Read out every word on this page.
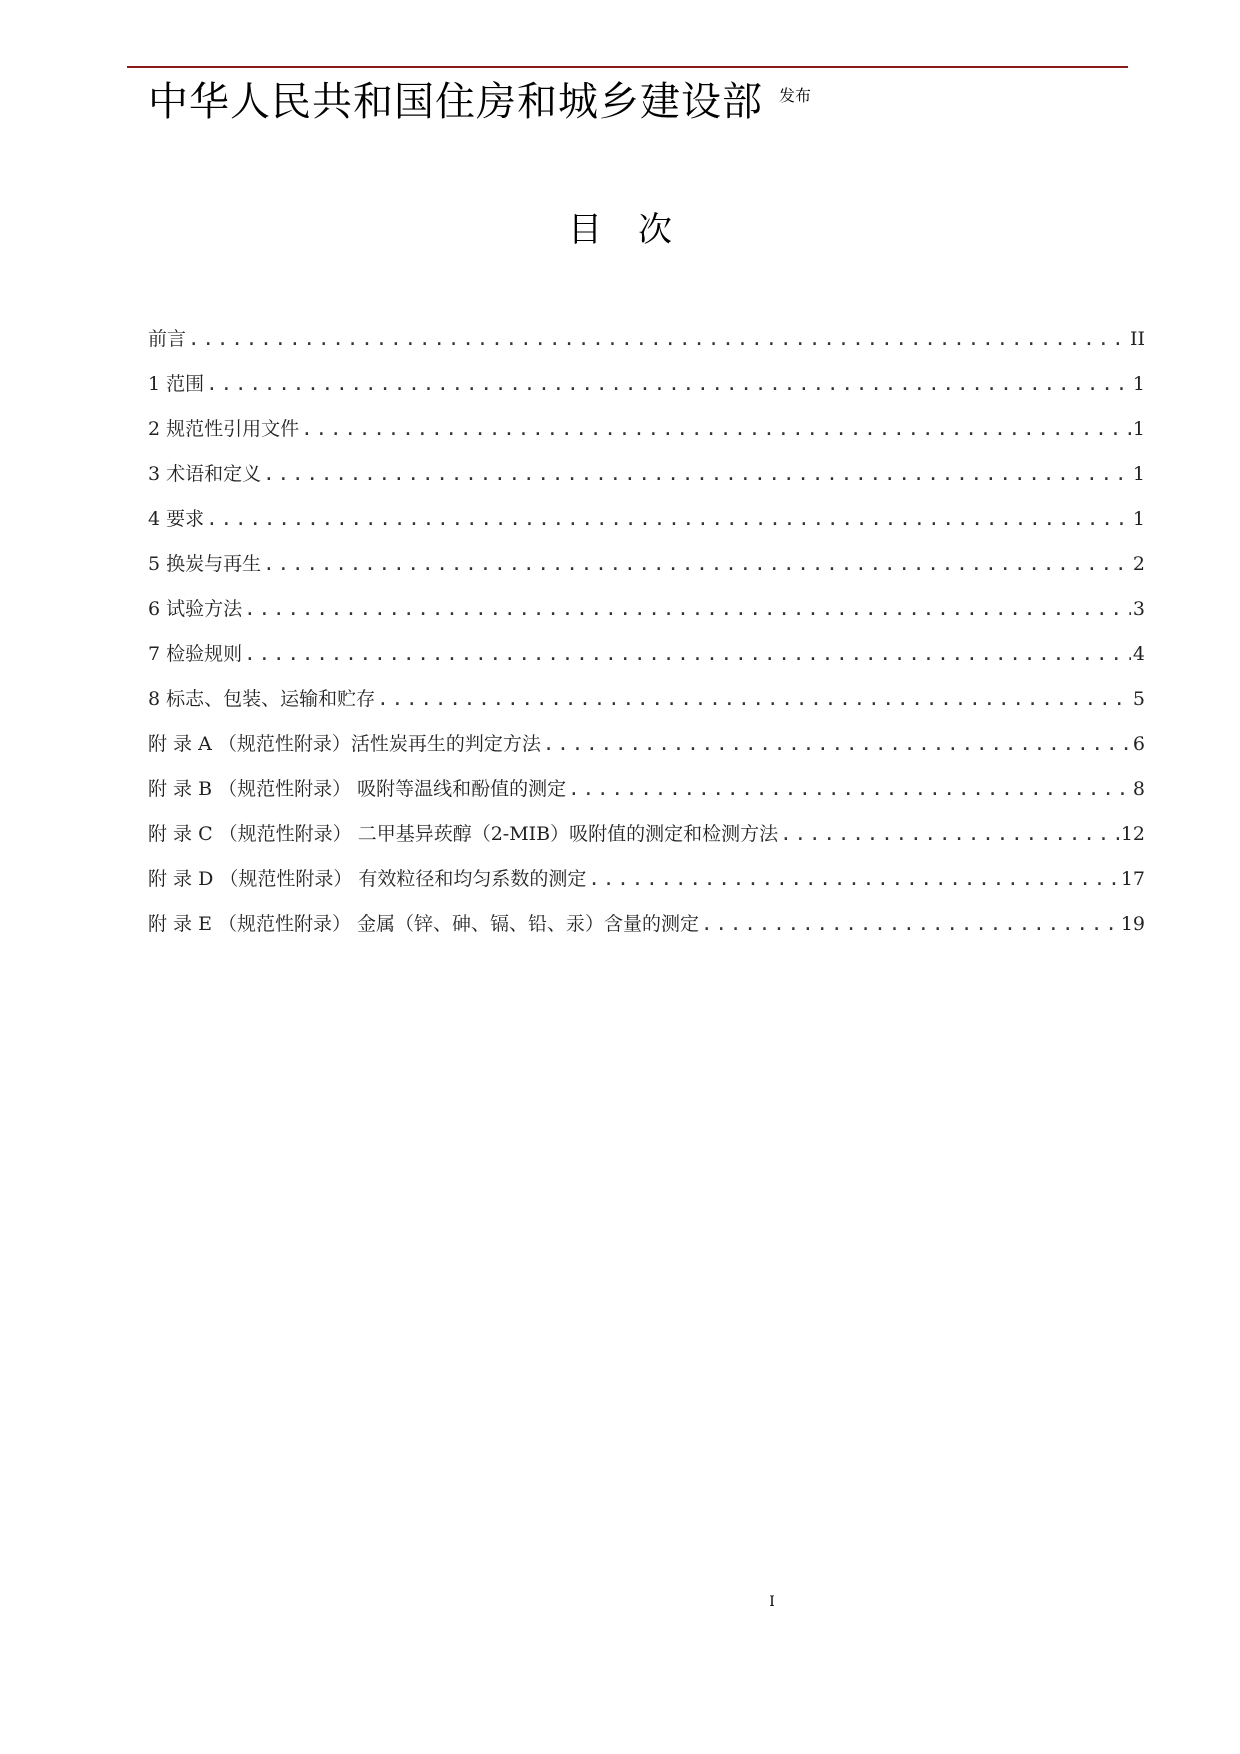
中华人民共和国住房和城乡建设部 发布
目次
前言 .....	II
1 范围 .....	1
2 规范性引用文件 .....	1
3 术语和定义 .....	1
4 要求 .....	1
5 换炭与再生 .....	2
6 试验方法 .....	3
7 检验规则 .....	4
8 标志、包装、运输和贮存 .....	5
附 录 A （规范性附录）活性炭再生的判定方法 .....	6
附 录 B （规范性附录） 吸附等温线和酚值的测定 .....	8
附 录 C （规范性附录） 二甲基异莰醇（2-MIB）吸附值的测定和检测方法 .....	12
附 录 D （规范性附录） 有效粒径和均匀系数的测定 .....	17
附 录 E （规范性附录） 金属（锌、砷、镉、铅、汞）含量的测定 .....	19
I
